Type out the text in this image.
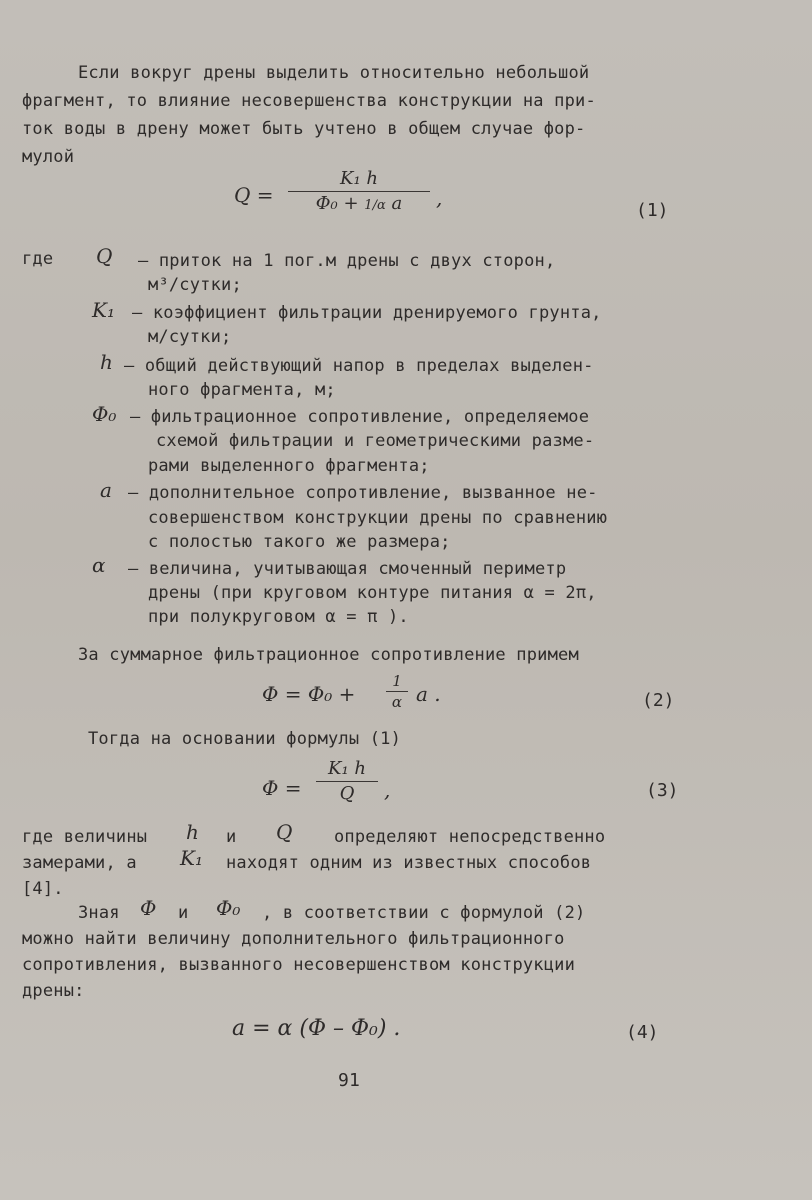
Если вокруг дрены выделить относительно небольшой
фрагмент, то влияние несовершенства конструкции на при-
ток воды в дрену может быть учтено в общем случае фор-
мулой
Q =
K₁ h
Φ₀ + 1/α a	,
(1)
где Q – приток на 1 пог.м дрены с двух сторон,
м³/сутки;
K₁ – коэффициент фильтрации дренируемого грунта,
м/сутки;
h – общий действующий напор в пределах выделен-
ного фрагмента, м;
Φ₀ – фильтрационное сопротивление, определяемое
схемой фильтрации и геометрическими разме-
рами выделенного фрагмента;
a – дополнительное сопротивление, вызванное не-
совершенством конструкции дрены по сравнению
с полостью такого же размера;
α – величина, учитывающая смоченный периметр
дрены (при круговом контуре питания α = 2π,
при полукруговом α = π ).
За суммарное фильтрационное сопротивление примем
Φ = Φ₀ +
1
α a .	(2)
Тогда на основании формулы (1)
Φ =
K₁ h
Q	,	(3)
где величины h и Q определяют непосредственно
замерами, а K₁ находят одним из известных способов
[4].
Зная Φ и Φ₀ , в соответствии с формулой (2)
можно найти величину дополнительного фильтрационного
сопротивления, вызванного несовершенством конструкции
дрены:
a = α (Φ – Φ₀) .	(4)
91
